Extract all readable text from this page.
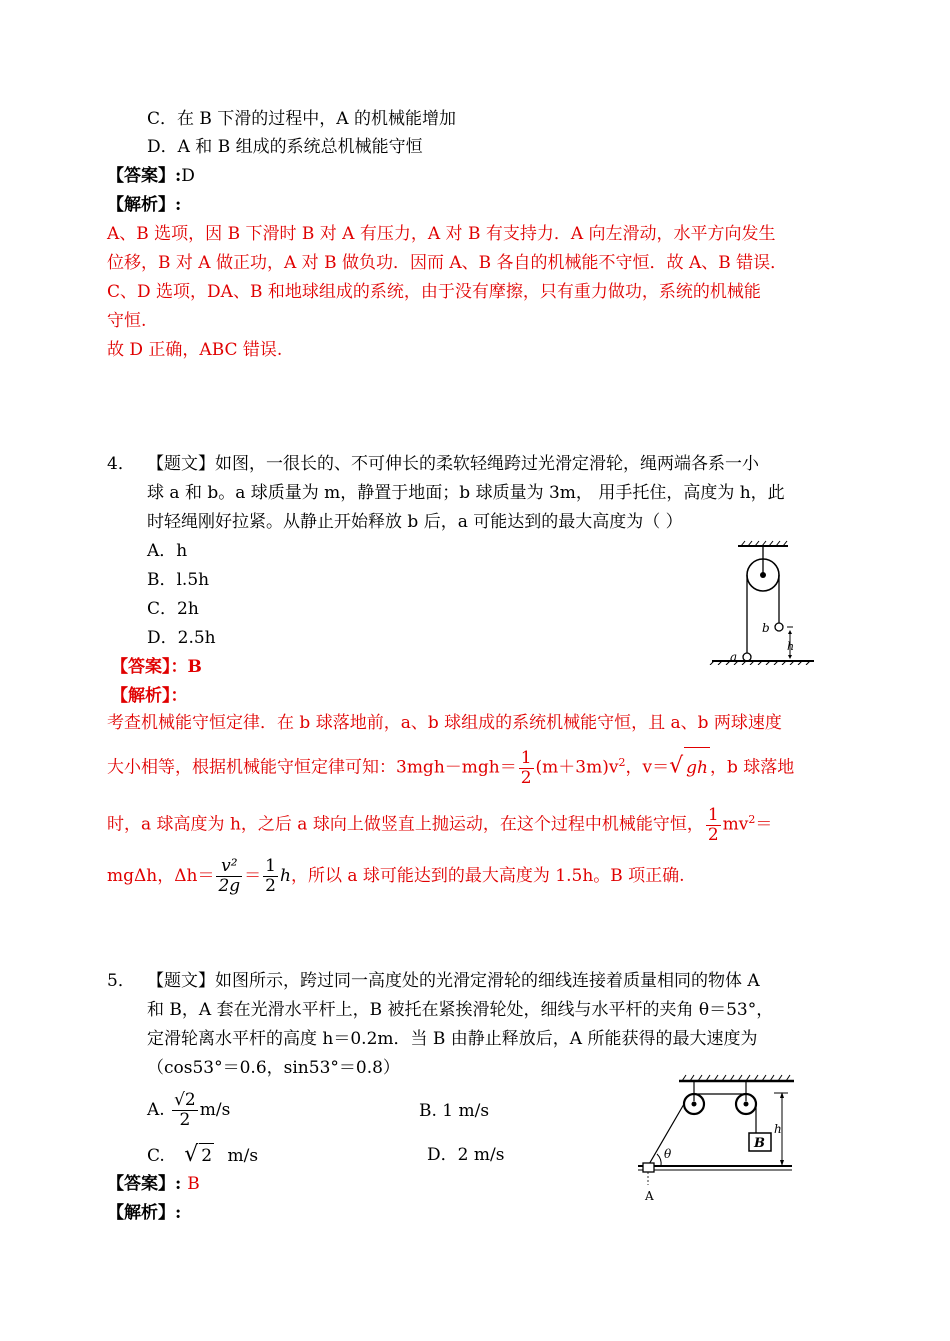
C．在 B 下滑的过程中，A 的机械能增加
D．A 和 B 组成的系统总机械能守恒
【答案】:D
【解析】:
A、B 选项，因 B 下滑时 B 对 A 有压力，A 对 B 有支持力．A 向左滑动，水平方向发生
位移，B 对 A 做正功，A 对 B 做负功．因而 A、B 各自的机械能不守恒．故 A、B 错误．
C、D 选项，DA、B 和地球组成的系统，由于没有摩擦，只有重力做功，系统的机械能
守恒.
故 D 正确，ABC 错误.
4． 【题文】如图，一很长的、不可伸长的柔软轻绳跨过光滑定滑轮，绳两端各系一小
球 a 和 b。a 球质量为 m，静置于地面；b 球质量为 3m， 用手托住，高度为 h，此
时轻绳刚好拉紧。从静止开始释放 b 后，a 可能达到的最大高度为（ ）
A．h
B．l.5h
C．2h
D．2.5h	b
a
h
【答案】：B
【解析】：
考查机械能守恒定律．在 b 球落地前，a、b 球组成的系统机械能守恒，且 a、b 两球速度
大小相等，根据机械能守恒定律可知：$3mgh-mgh= \frac{1}{2} (m+3m)v^2$，v＝√ gh ，b 球落地
时，a 球高度为 h，之后 a 球向上做竖直上抛运动，在这个过程中机械能守恒， $\frac{1}{2} mv^2=$
mgΔh，$\Delta h= \frac{\text{v²}}{2g} = \frac{1}{2}$ h，所以 a 球可能达到的最大高度为 1.5h。B 项正确.
5． 【题文】如图所示，跨过同一高度处的光滑定滑轮的细线连接着质量相同的物体 A
和 B，A 套在光滑水平杆上，B 被托在紧挨滑轮处，细线与水平杆的夹角 θ＝53°，
定滑轮离水平杆的高度 h＝0.2m．当 B 由静止释放后，A 所能获得的最大速度为
（cos53°＝0.6，sin53°＝0.8）
A. $\frac{√2}{2} m/s$	B. 1 m/s
C. √ 2 m/s	D．2 m/s
B
h
θ
A
【答案】: B
【解析】:
